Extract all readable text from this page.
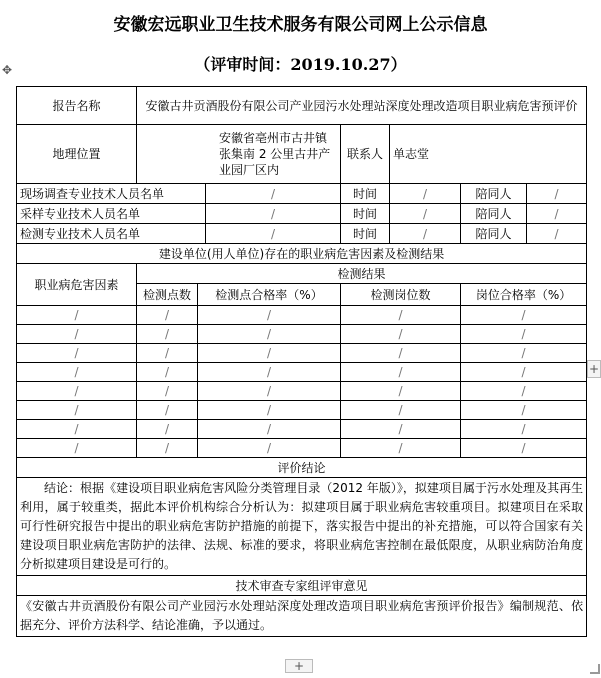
安徽宏远职业卫生技术服务有限公司网上公示信息
（评审时间：2019.10.27）
✥
报告名称	安徽古井贡酒股份有限公司产业园污水处理站深度处理改造项目职业病危害预评价						
地理位置	安徽省亳州市古井镇张集南 2 公里古井产业园厂区内			联系人	单志堂		
现场调查专业技术人员名单			/	时间	/	陪同人	/
采样专业技术人员名单			/	时间	/	陪同人	/
检测专业技术人员名单			/	时间	/	陪同人	/
建设单位(用人单位)存在的职业病危害因素及检测结果							
职业病危害因素	检测结果						
	检测点数	检测点合格率（%）		检测岗位数		岗位合格率（%）	
/	/	/		/		/	
/	/	/		/		/	
/	/	/		/		/	
/	/	/		/		/	
/	/	/		/		/	
/	/	/		/		/	
/	/	/		/		/	
/	/	/		/		/	
评价结论							
结论：根据《建设项目职业病危害风险分类管理目录（2012 年版）》，拟建项目属于污水处理及其再生利用，属于较重类，据此本评价机构综合分析认为：拟建项目属于职业病危害较重项目。拟建项目在采取可行性研究报告中提出的职业病危害防护措施的前提下，落实报告中提出的补充措施，可以符合国家有关建设项目职业病危害防护的法律、法规、标准的要求，将职业病危害控制在最低限度，从职业病防治角度分析拟建项目建设是可行的。							
技术审查专家组评审意见							
《安徽古井贡酒股份有限公司产业园污水处理站深度处理改造项目职业病危害预评价报告》编制规范、依据充分、评价方法科学、结论准确，予以通过。							
+
+
